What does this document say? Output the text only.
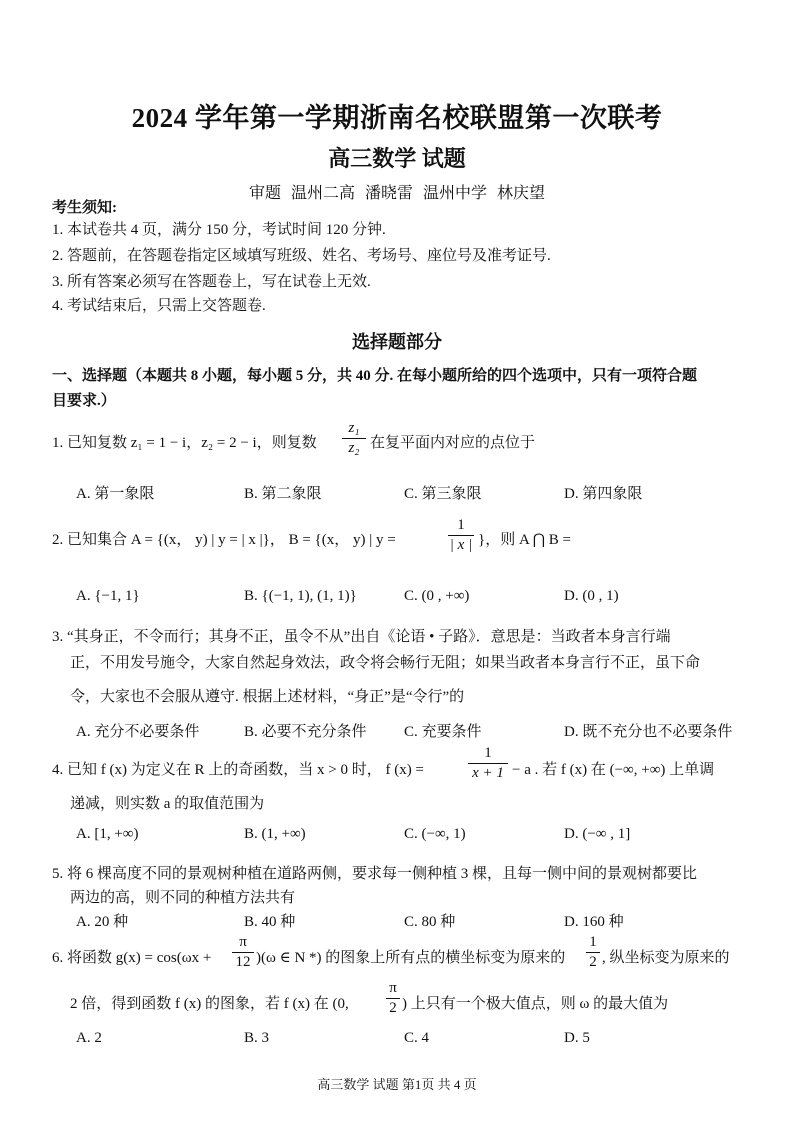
2024 学年第一学期浙南名校联盟第一次联考
高三数学 试题
审题 温州二高 潘晓雷 温州中学 林庆望
考生须知:
1. 本试卷共 4 页，满分 150 分，考试时间 120 分钟.
2. 答题前，在答题卷指定区域填写班级、姓名、考场号、座位号及准考证号.
3. 所有答案必须写在答题卷上，写在试卷上无效.
4. 考试结束后，只需上交答题卷.
选择题部分
一、选择题（本题共 8 小题，每小题 5 分，共 40 分. 在每小题所给的四个选项中，只有一项符合题
目要求.）
1. 已知复数 z₁ = 1 − i，z₂ = 2 − i，则复数
z₁
z₂ 在复平面内对应的点位于
A. 第一象限	B. 第二象限	C. 第三象限	D. 第四象限
2. 已知集合 A = {(x， y) | y = | x |}， B = {(x， y) | y =
1
| x | }，则 A ⋂ B =
A. {−1, 1}	B. {(−1, 1), (1, 1)}	C. (0 , +∞)	D. (0 , 1)
3. “其身正，不令而行；其身不正，虽令不从”出自《论语 • 子路》．意思是：当政者本身言行端
正，不用发号施令，大家自然起身效法，政令将会畅行无阻；如果当政者本身言行不正，虽下命
令，大家也不会服从遵守. 根据上述材料，“身正”是“令行”的
A. 充分不必要条件	B. 必要不充分条件 C. 充要条件	D. 既不充分也不必要条件
4. 已知 f (x) 为定义在 R 上的奇函数，当 x > 0 时， f (x) =
1
x + 1 − a . 若 f (x) 在 (−∞, +∞) 上单调
递减，则实数 a 的取值范围为
A. [1, +∞)	B. (1, +∞)	C. (−∞, 1)	D. (−∞ , 1]
5. 将 6 棵高度不同的景观树种植在道路两侧，要求每一侧种植 3 棵，且每一侧中间的景观树都要比
两边的高，则不同的种植方法共有
A. 20 种	B. 40 种	C. 80 种	D. 160 种
6. 将函数 g(x) = cos(ωx +
π
12 )(ω ∈ N *) 的图象上所有点的横坐标变为原来的
1
2 , 纵坐标变为原来的
2 倍，得到函数 f (x) 的图象，若 f (x) 在 (0,
π
2 ) 上只有一个极大值点，则 ω 的最大值为
A. 2	B. 3	C. 4	D. 5
高三数学 试题 第1页 共 4 页
